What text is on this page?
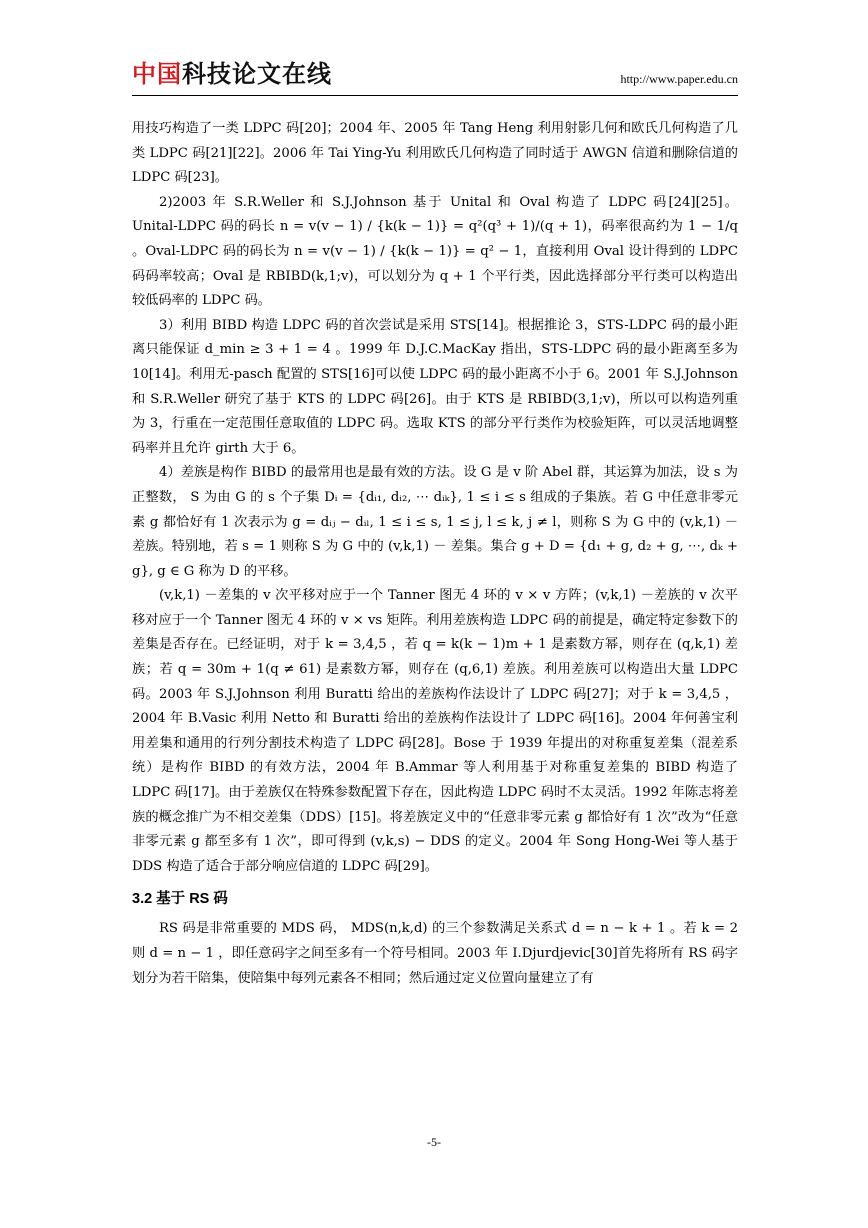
中国科技论文在线	http://www.paper.edu.cn

用技巧构造了一类 LDPC 码[20]；2004 年、2005 年 Tang Heng 利用射影几何和欧氏几何构造了几类 LDPC 码[21][22]。2006 年 Tai Ying-Yu 利用欧氏几何构造了同时适于 AWGN 信道和删除信道的 LDPC 码[23]。

2)2003 年 S.R.Weller 和 S.J.Johnson 基于 Unital 和 Oval 构造了 LDPC 码[24][25]。Unital-LDPC 码的码长 n = v(v − 1) / {k(k − 1)} = q²(q³ + 1)/(q + 1)，码率很高约为 1 − 1/q 。Oval-LDPC 码的码长为 n = v(v − 1) / {k(k − 1)} = q² − 1，直接利用 Oval 设计得到的 LDPC 码码率较高；Oval 是 RBIBD(k,1;v)，可以划分为 q + 1 个平行类，因此选择部分平行类可以构造出较低码率的 LDPC 码。

3）利用 BIBD 构造 LDPC 码的首次尝试是采用 STS[14]。根据推论 3，STS-LDPC 码的最小距离只能保证 d_min ≥ 3 + 1 = 4 。1999 年 D.J.C.MacKay 指出，STS-LDPC 码的最小距离至多为 10[14]。利用无-pasch 配置的 STS[16]可以使 LDPC 码的最小距离不小于 6。2001 年 S.J.Johnson 和 S.R.Weller 研究了基于 KTS 的 LDPC 码[26]。由于 KTS 是 RBIBD(3,1;v)，所以可以构造列重为 3，行重在一定范围任意取值的 LDPC 码。选取 KTS 的部分平行类作为校验矩阵，可以灵活地调整码率并且允许 girth 大于 6。

4）差族是构作 BIBD 的最常用也是最有效的方法。设 G 是 v 阶 Abel 群，其运算为加法，设 s 为正整数， S 为由 G 的 s 个子集 Dᵢ = {dᵢ₁, dᵢ₂, ⋯ dᵢₖ}, 1 ≤ i ≤ s 组成的子集族。若 G 中任意非零元素 g 都恰好有 1 次表示为 g = dᵢⱼ − dᵢₗ, 1 ≤ i ≤ s, 1 ≤ j, l ≤ k, j ≠ l，则称 S 为 G 中的 (v,k,1) － 差族。特别地，若 s = 1 则称 S 为 G 中的 (v,k,1) － 差集。集合 g + D = {d₁ + g, d₂ + g, ⋯, dₖ + g}, g ∈ G 称为 D 的平移。

(v,k,1) －差集的 v 次平移对应于一个 Tanner 图无 4 环的 v × v 方阵；(v,k,1) －差族的 v 次平移对应于一个 Tanner 图无 4 环的 v × vs 矩阵。利用差族构造 LDPC 码的前提是，确定特定参数下的差集是否存在。已经证明，对于 k = 3,4,5 ，若 q = k(k − 1)m + 1 是素数方幂，则存在 (q,k,1) 差族；若 q = 30m + 1(q ≠ 61) 是素数方幂，则存在 (q,6,1) 差族。利用差族可以构造出大量 LDPC 码。2003 年 S.J.Johnson 利用 Buratti 给出的差族构作法设计了 LDPC 码[27]；对于 k = 3,4,5 ，2004 年 B.Vasic 利用 Netto 和 Buratti 给出的差族构作法设计了 LDPC 码[16]。2004 年何善宝利用差集和通用的行列分割技术构造了 LDPC 码[28]。Bose 于 1939 年提出的对称重复差集（混差系统）是构作 BIBD 的有效方法，2004 年 B.Ammar 等人利用基于对称重复差集的 BIBD 构造了 LDPC 码[17]。由于差族仅在特殊参数配置下存在，因此构造 LDPC 码时不太灵活。1992 年陈志将差族的概念推广为不相交差集（DDS）[15]。将差族定义中的“任意非零元素 g 都恰好有 1 次”改为“任意非零元素 g 都至多有 1 次”，即可得到 (v,k,s) − DDS 的定义。2004 年 Song Hong-Wei 等人基于 DDS 构造了适合于部分响应信道的 LDPC 码[29]。

3.2 基于 RS 码

RS 码是非常重要的 MDS 码， MDS(n,k,d) 的三个参数满足关系式 d = n − k + 1 。若 k = 2 则 d = n − 1 ，即任意码字之间至多有一个符号相同。2003 年 I.Djurdjevic[30]首先将所有 RS 码字划分为若干陪集，使陪集中每列元素各不相同；然后通过定义位置向量建立了有

-5-
